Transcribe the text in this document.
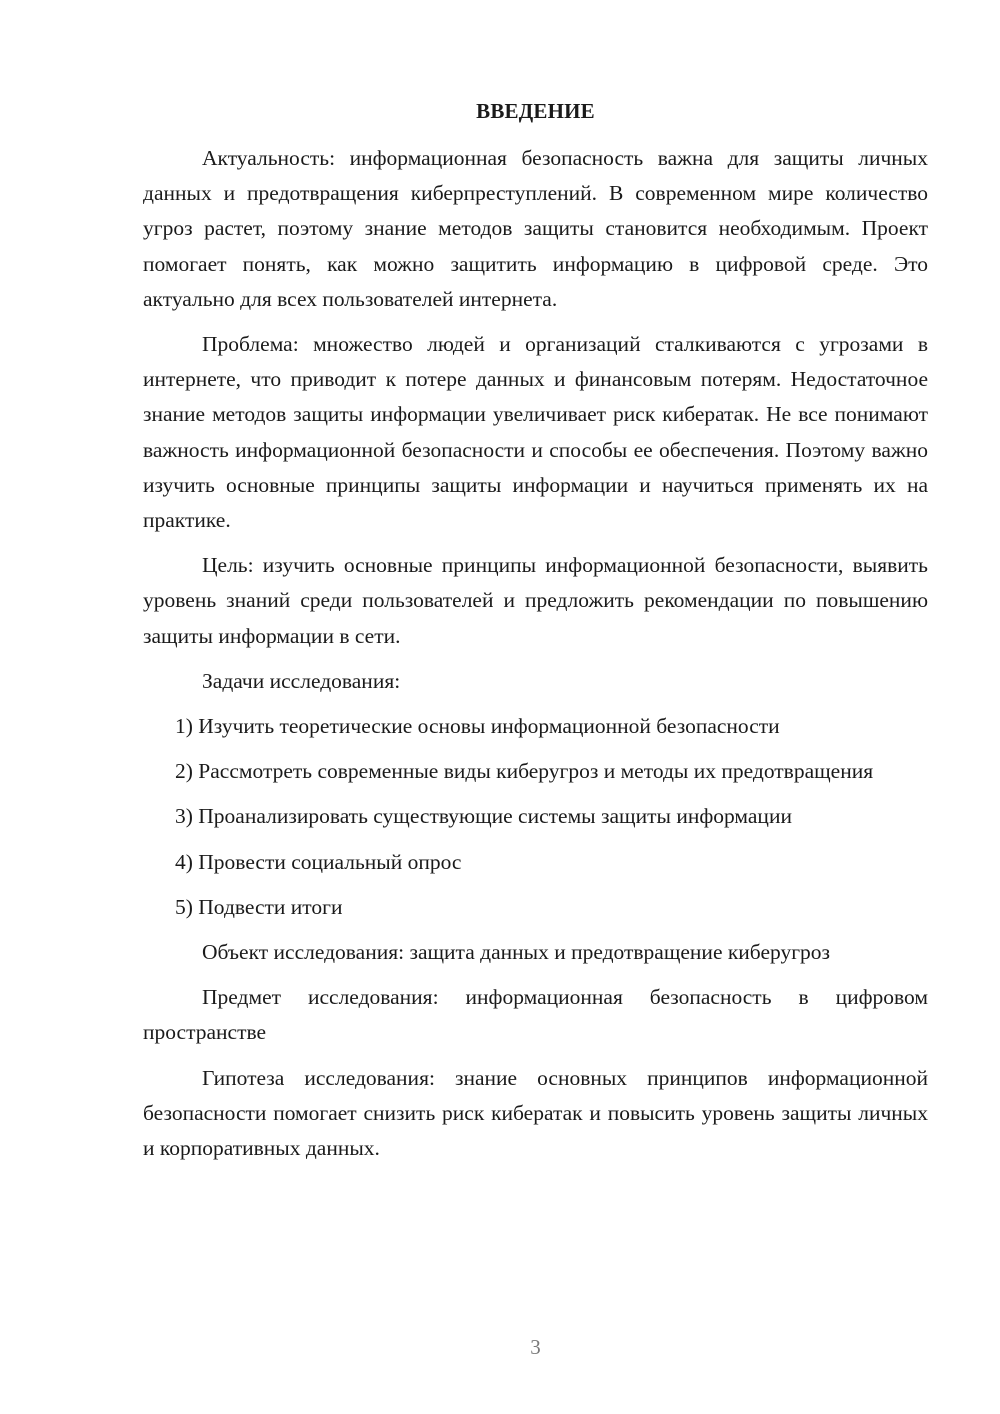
ВВЕДЕНИЕ

Актуальность: информационная безопасность важна для защиты личных данных и предотвращения киберпреступлений. В современном мире количество угроз растет, поэтому знание методов защиты становится необходимым. Проект помогает понять, как можно защитить информацию в цифровой среде. Это актуально для всех пользователей интернета.

Проблема: множество людей и организаций сталкиваются с угрозами в интернете, что приводит к потере данных и финансовым потерям. Недостаточное знание методов защиты информации увеличивает риск кибератак. Не все понимают важность информационной безопасности и способы ее обеспечения. Поэтому важно изучить основные принципы защиты информации и научиться применять их на практике.

Цель: изучить основные принципы информационной безопасности, выявить уровень знаний среди пользователей и предложить рекомендации по повышению защиты информации в сети.

Задачи исследования:

1) Изучить теоретические основы информационной безопасности

2) Рассмотреть современные виды киберугроз и методы их предотвращения

3) Проанализировать существующие системы защиты информации

4) Провести социальный опрос

5) Подвести итоги

Объект исследования: защита данных и предотвращение киберугроз

Предмет исследования: информационная безопасность в цифровом пространстве

Гипотеза исследования: знание основных принципов информационной безопасности помогает снизить риск кибератак и повысить уровень защиты личных и корпоративных данных.

3
